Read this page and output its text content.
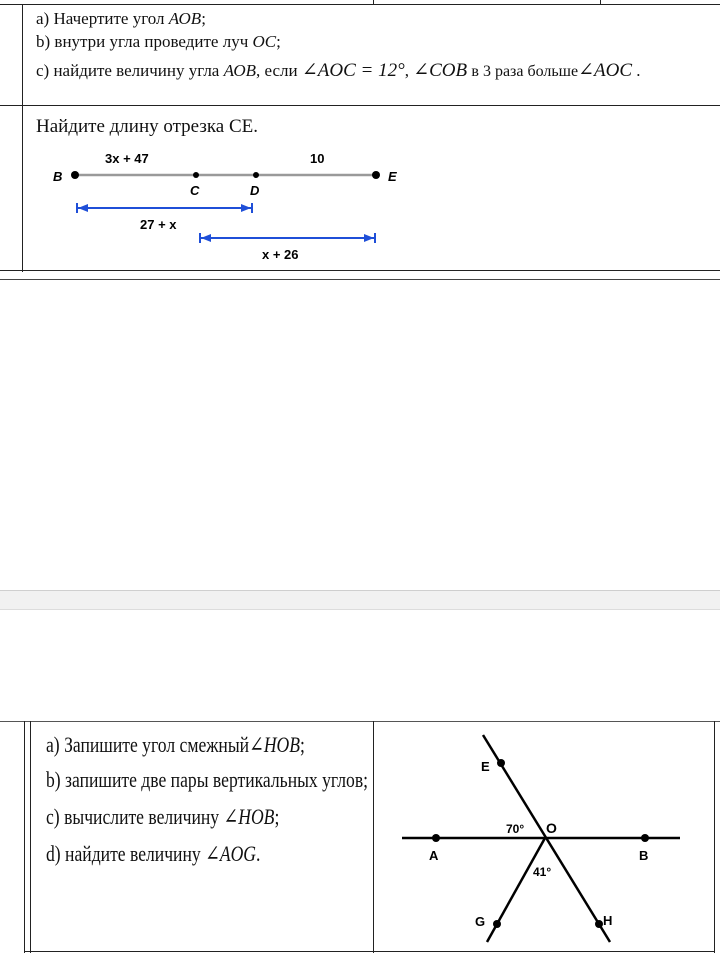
a) Начертите угол АОВ;
b) внутри угла проведите луч ОС;
c) найдите величину угла АОВ, если ∠AOC = 12°, ∠COB в 3 раза больше∠AOC .
Найдите длину отрезка CE.
B
C	D
E
3x + 47	10
27 + x
x + 26
a) Запишите угол смежный∠HOB;
b) запишите две пары вертикальных углов;
c) вычислите величину ∠HOB;
d) найдите величину ∠AOG.
E
O
A	B
G	H
70°
41°
